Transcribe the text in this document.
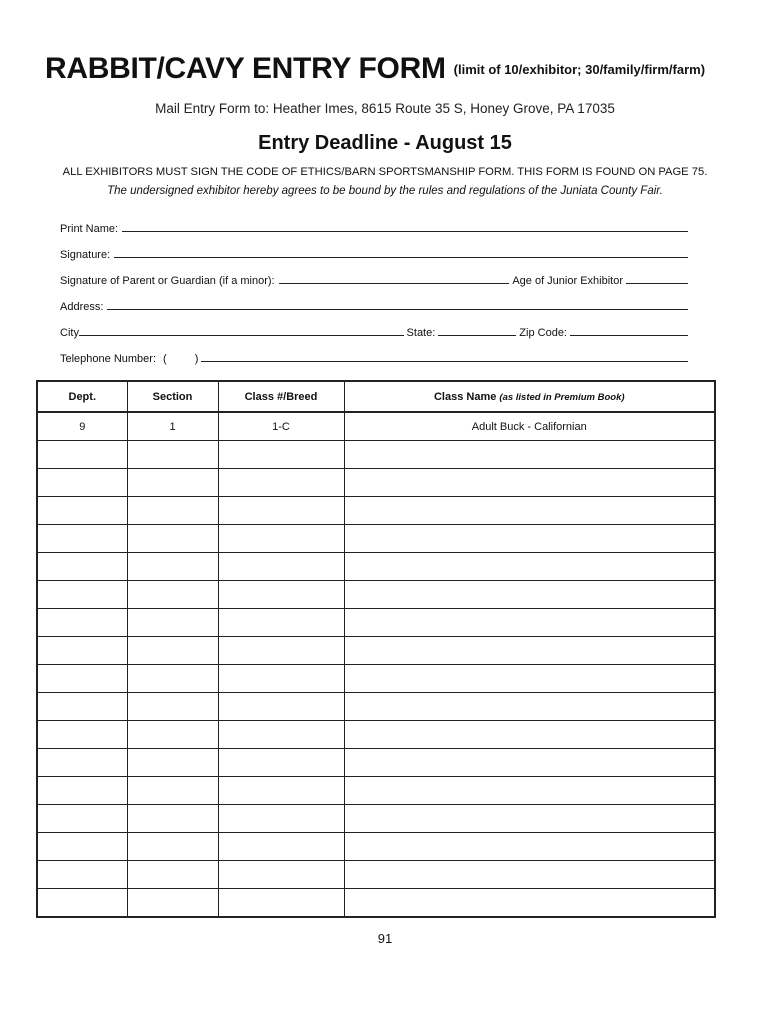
RABBIT/CAVY ENTRY FORM $^{(limit of 10/exhibitor; 30/family/firm/farm)}$
Mail Entry Form to: Heather Imes, 8615 Route 35 S, Honey Grove, PA 17035
Entry Deadline - August 15
ALL EXHIBITORS MUST SIGN THE CODE OF ETHICS/BARN SPORTSMANSHIP FORM. THIS FORM IS FOUND ON PAGE 75.
The undersigned exhibitor hereby agrees to be bound by the rules and regulations of the Juniata County Fair.
Print Name:
Signature:
Signature of Parent or Guardian (if a minor):	Age of Junior Exhibitor
Address:
City	State:	Zip Code:
Telephone Number: (	)
Dept.	Section	Class #/Breed	Class Name (as listed in Premium Book)
9	1	1-C	Adult Buck - Californian

91
